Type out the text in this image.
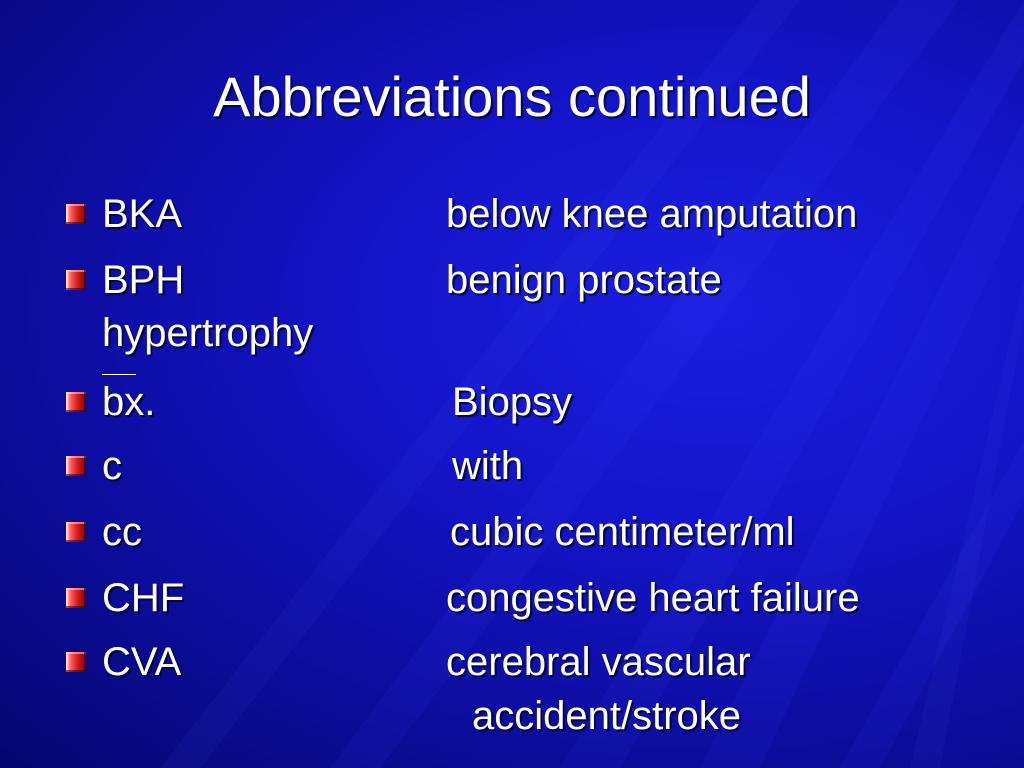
Abbreviations continued
BKA	below knee amputation
BPH	benign prostate
hypertrophy
bx.	Biopsy
c	with
cc	cubic centimeter/ml
CHF	congestive heart failure
CVA	cerebral vascular
accident/stroke
